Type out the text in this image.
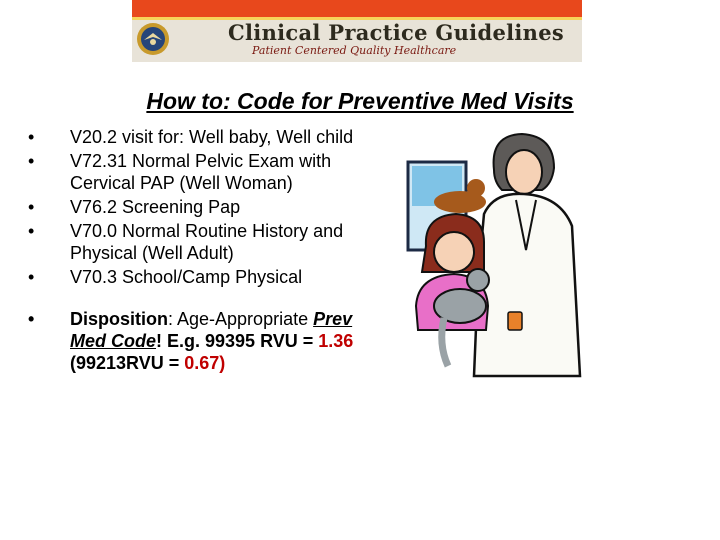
Clinical Practice Guidelines
Patient Centered Quality Healthcare
How to: Code for Preventive Med Visits
• V20.2 visit for: Well baby, Well child
• V72.31 Normal Pelvic Exam with Cervical PAP (Well Woman)
• V76.2 Screening Pap
• V70.0 Normal Routine History and Physical (Well Adult)
• V70.3 School/Camp Physical
• Disposition: Age-Appropriate Prev Med Code! E.g. 99395 RVU = 1.36 (99213RVU = 0.67)
